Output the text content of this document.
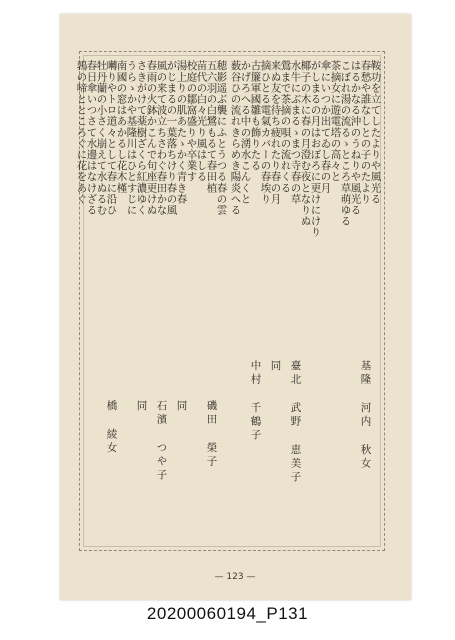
鞍功を立てしたよりや風光る
春愁や誰なしとの子のたより
はるかなる沖のうねりや風光る
こぼれ湯の流るゝところ草萌ゆる
茶摘女に遊電塔の高々と
傘にいつか出てゐし春の月
がしまるの月はおぼろに更けにけり
椰子の木に春の月澄む夜となりぬ
水牛にぶまるゝまつ寺春の草
鶯まで茶摘の唄の流れくる
来ぬ友を待ち疲れたり春の月
摘ひとる電氣カバーの春埃り
古簾軍國雛も飾りたる
かげろへる中の湧水こんくと
薮谷ひの流れきらめき陽炎へる
穂影遥ぶ襲にふとうつる春の雲
五六羽の白鷺もるて春田植
苗代の白々光り風はしる
校庭の鄒窩盛りや卒業す
湯上りの肌あたゝかく青き春
がじまるの一葉落ちけり春の風
風の来て波立ちさわぐ春田かな
春雨の火鉢かこんで句座更けぬ
さきがけて薬樹ざくら紅濃ゆく
うらゝかや基隆川はひとすじに
南國の窓はあかるし花木槿
囀りやトロ道々として春に沿ひ
牡丹蘭の小さく崩えて水ぬるむ
春日傘いつさて水邊はなけざる
鶉の啼とところぐに花をあぐ
基隆 河内 秋女
臺北 武野 恵美子
同
中村 千鶴子
磯田 榮子
同
石濱 つや子
同
橋 綾女
— 123 —
20200060194_P131
